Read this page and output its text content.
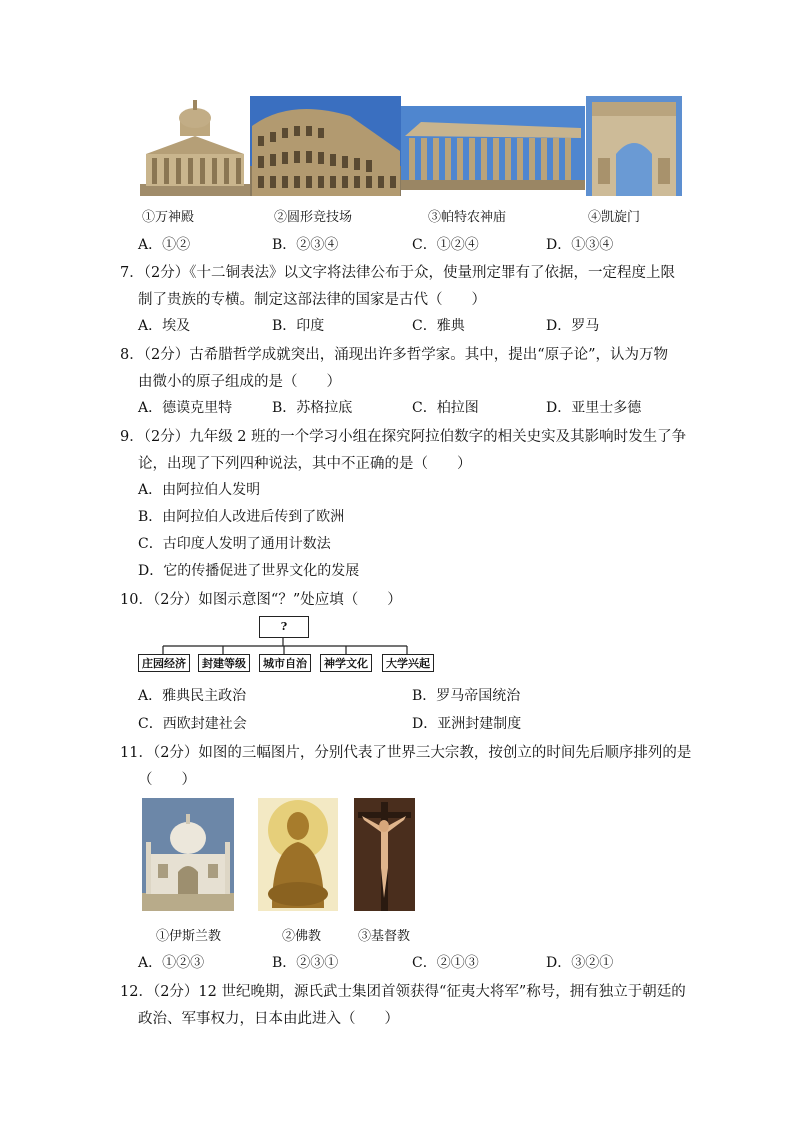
①万神殿	②圆形竞技场	③帕特农神庙	④凯旋门
A．①②	B．②③④	C．①②④	D．①③④
7．（2分）《十二铜表法》以文字将法律公布于众，使量刑定罪有了依据，一定程度上限
制了贵族的专横。制定这部法律的国家是古代（　　）
A．埃及	B．印度	C．雅典	D．罗马
8．（2分）古希腊哲学成就突出，涌现出许多哲学家。其中，提出“原子论”，认为万物
由微小的原子组成的是（　　）
A．德谟克里特	B．苏格拉底	C．柏拉图	D．亚里士多德
9．（2分）九年级 2 班的一个学习小组在探究阿拉伯数字的相关史实及其影响时发生了争
论，出现了下列四种说法，其中不正确的是（　　）
A．由阿拉伯人发明
B．由阿拉伯人改进后传到了欧洲
C．古印度人发明了通用计数法
D．它的传播促进了世界文化的发展
10．（2分）如图示意图“？”处应填（　　）
?
庄园经济	封建等级	城市自治	神学文化	大学兴起
A．雅典民主政治	B．罗马帝国统治
C．西欧封建社会	D．亚洲封建制度
11．（2分）如图的三幅图片，分别代表了世界三大宗教，按创立的时间先后顺序排列的是
（　　）
①伊斯兰教	②佛教	③基督教
A．①②③	B．②③①	C．②①③	D．③②①
12．（2分）12 世纪晚期，源氏武士集团首领获得“征夷大将军”称号，拥有独立于朝廷的
政治、军事权力，日本由此进入（　　）
